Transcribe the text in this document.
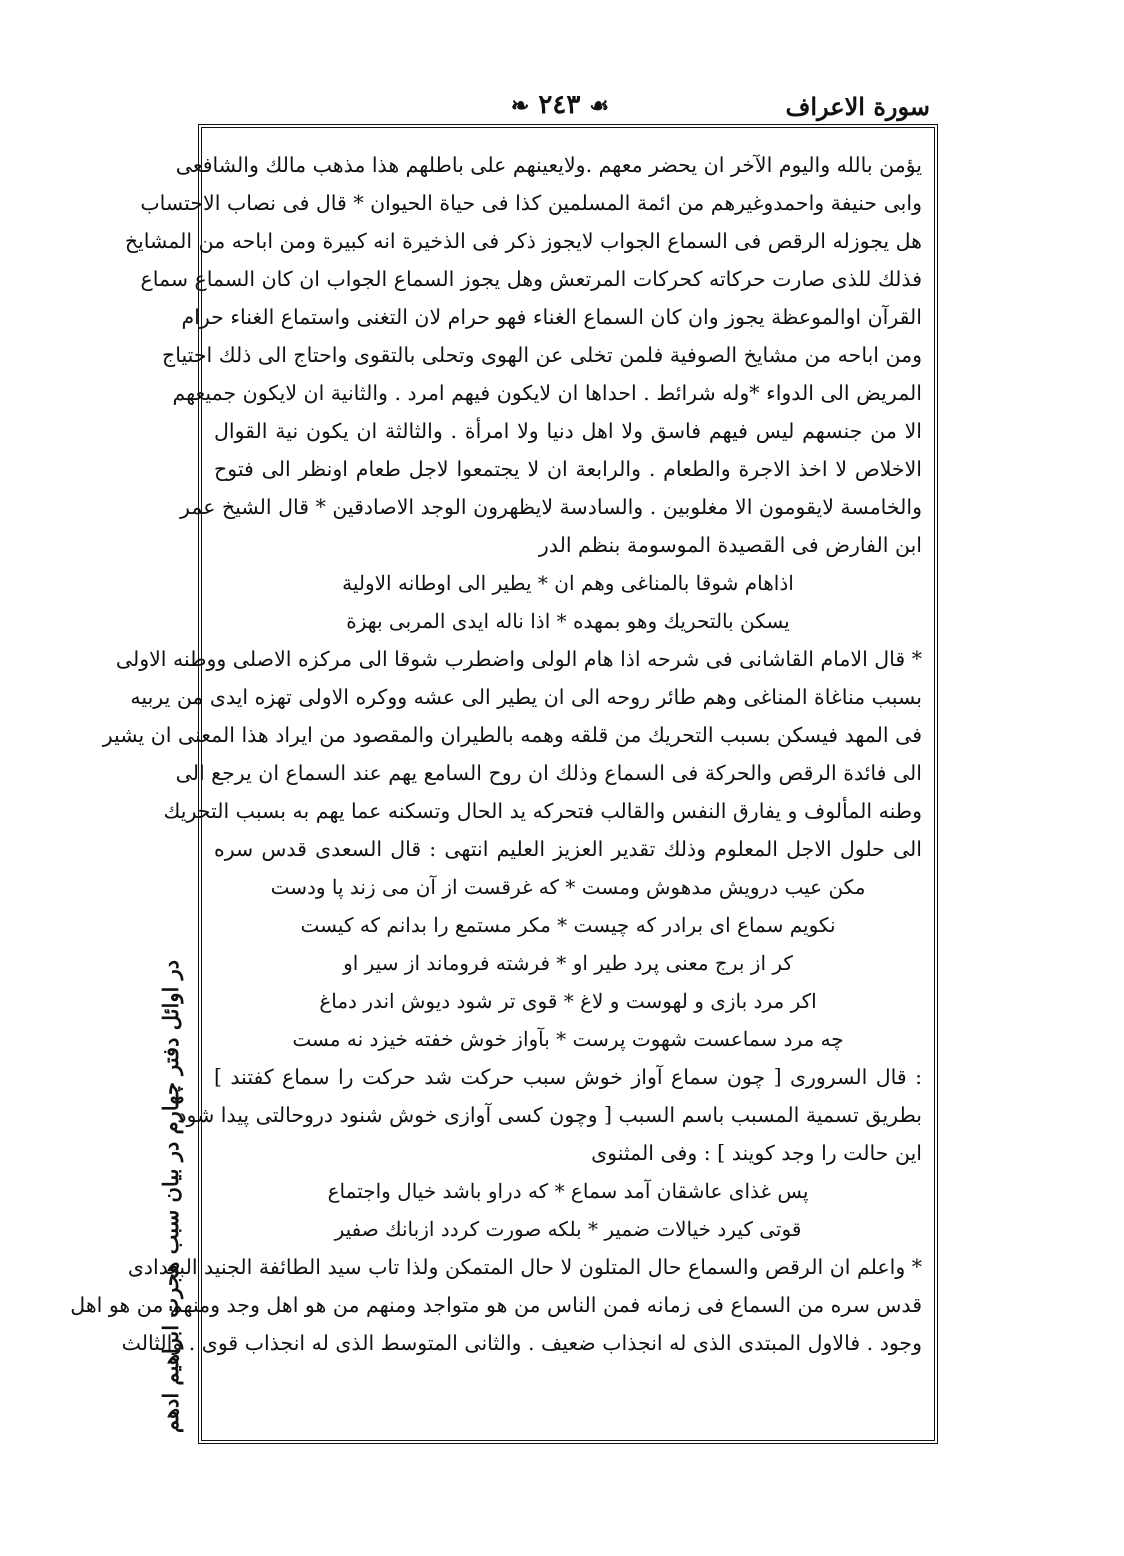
سورة الاعراف
❧ ٢٤٣ ☙
يؤمن بالله واليوم الآخر ان يحضر معهم .ولايعينهم على باطلهم هذا مذهب مالك والشافعى
وابى حنيفة واحمدوغيرهم من ائمة المسلمين كذا فى حياة الحيوان * قال فى نصاب الاحتساب
هل يجوزله الرقص فى السماع الجواب لايجوز ذكر فى الذخيرة انه كبيرة ومن اباحه من المشايخ
فذلك للذى صارت حركاته كحركات المرتعش وهل يجوز السماع الجواب ان كان السماع سماع
القرآن اوالموعظة يجوز وان كان السماع الغناء فهو حرام لان التغنى واستماع الغناء حرام
ومن اباحه من مشايخ الصوفية فلمن تخلى عن الهوى وتحلى بالتقوى واحتاج الى ذلك احتياج
المريض الى الدواء *وله شرائط . احداها ان لايكون فيهم امرد . والثانية ان لايكون جميعهم
الا من جنسهم ليس فيهم فاسق ولا اهل دنيا ولا امرأة . والثالثة ان يكون نية القوال
الاخلاص لا اخذ الاجرة والطعام . والرابعة ان لا يجتمعوا لاجل طعام اونظر الى فتوح
والخامسة لايقومون الا مغلوبين . والسادسة لايظهرون الوجد الاصادقين * قال الشيخ عمر
ابن الفارض فى القصيدة الموسومة بنظم الدر
اذاهام شوقا بالمناغى وهم ان * يطير الى اوطانه الاولية
يسكن بالتحريك وهو بمهده * اذا ناله ايدى المربى بهزة
* قال الامام القاشانى فى شرحه اذا هام الولى واضطرب شوقا الى مركزه الاصلى ووطنه الاولى
بسبب مناغاة المناغى وهم طائر روحه الى ان يطير الى عشه ووكره الاولى تهزه ايدى من يربيه
فى المهد فيسكن بسبب التحريك من قلقه وهمه بالطيران والمقصود من ايراد هذا المعنى ان يشير
الى فائدة الرقص والحركة فى السماع وذلك ان روح السامع يهم عند السماع ان يرجع الى
وطنه المألوف و يفارق النفس والقالب فتحركه يد الحال وتسكنه عما يهم به بسبب التحريك
الى حلول الاجل المعلوم وذلك تقدير العزيز العليم انتهى : قال السعدى قدس سره
مكن عيب درويش مدهوش ومست * كه غرقست از آن مى زند پا ودست
نكويم سماع اى برادر كه چيست * مكر مستمع را بدانم كه كيست
كر از برج معنى پرد طير او * فرشته فروماند از سير او
اكر مرد بازى و لهوست و لاغ * قوى تر شود ديوش اندر دماغ
چه مرد سماعست شهوت پرست * بآواز خوش خفته خيزد نه مست
: قال السرورى [ چون سماع آواز خوش سبب حركت شد حركت را سماع كفتند ]
بطريق تسمية المسبب باسم السبب [ وچون كسى آوازى خوش شنود دروحالتى پيدا شود
اين حالت را وجد كويند ] : وفى المثنوى
پس غذاى عاشقان آمد سماع * كه دراو باشد خيال واجتماع
قوتى كيرد خيالات ضمير * بلكه صورت كردد ازبانك صفير
* واعلم ان الرقص والسماع حال المتلون لا حال المتمكن ولذا تاب سيد الطائفة الجنيد البغدادى
قدس سره من السماع فى زمانه فمن الناس من هو متواجد ومنهم من هو اهل وجد ومنهم من هو اهل
وجود . فالاول المبتدى الذى له انجذاب ضعيف . والثانى المتوسط الذى له انجذاب قوى . والثالث
در اوائل دفتر چهارم در بيان سبب هجرت ابراهيم ادهم
